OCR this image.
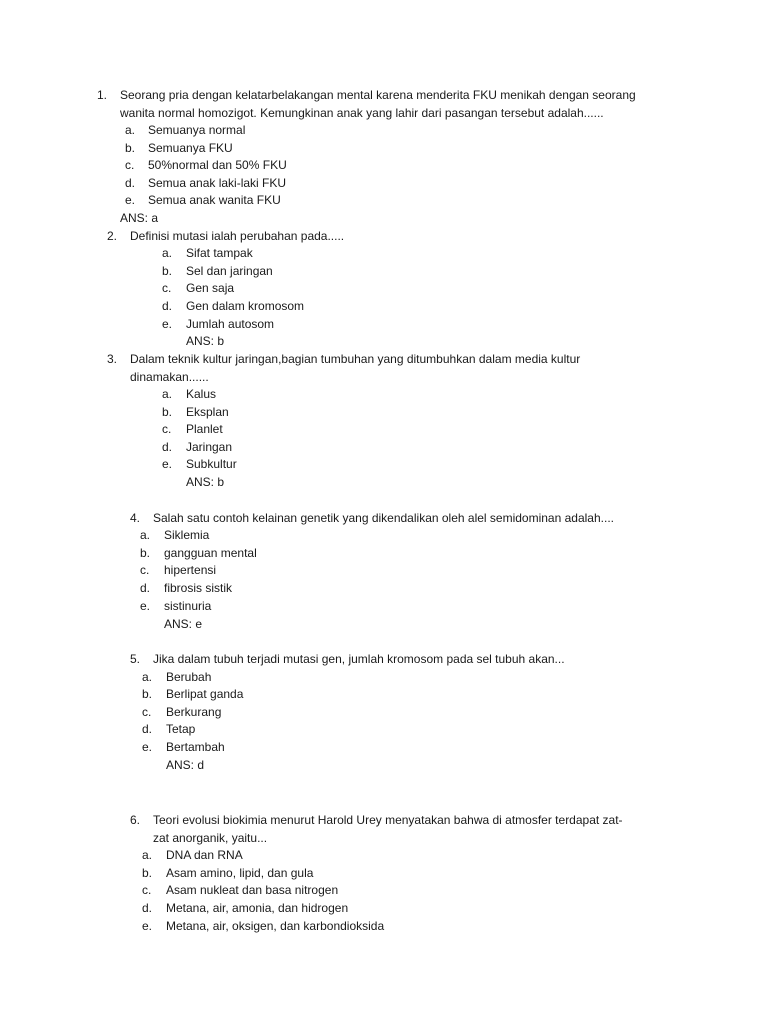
1. Seorang pria dengan kelatarbelakangan mental karena menderita FKU menikah dengan seorang
wanita normal homozigot. Kemungkinan anak yang lahir dari pasangan tersebut adalah......
a. Semuanya normal
b. Semuanya FKU
c. 50%normal dan 50% FKU
d. Semua anak laki-laki FKU
e. Semua anak wanita FKU
ANS: a
2. Definisi mutasi ialah perubahan pada.....
a. Sifat tampak
b. Sel dan jaringan
c. Gen saja
d. Gen dalam kromosom
e. Jumlah autosom
ANS: b
3. Dalam teknik kultur jaringan,bagian tumbuhan yang ditumbuhkan dalam media kultur
dinamakan......
a. Kalus
b. Eksplan
c. Planlet
d. Jaringan
e. Subkultur
ANS: b
4. Salah satu contoh kelainan genetik yang dikendalikan oleh alel semidominan adalah....
a. Siklemia
b. gangguan mental
c. hipertensi
d. fibrosis sistik
e. sistinuria
ANS: e
5. Jika dalam tubuh terjadi mutasi gen, jumlah kromosom pada sel tubuh akan...
a. Berubah
b. Berlipat ganda
c. Berkurang
d. Tetap
e. Bertambah
ANS: d
6. Teori evolusi biokimia menurut Harold Urey menyatakan bahwa di atmosfer terdapat zat-
zat anorganik, yaitu...
a. DNA dan RNA
b. Asam amino, lipid, dan gula
c. Asam nukleat dan basa nitrogen
d. Metana, air, amonia, dan hidrogen
e. Metana, air, oksigen, dan karbondioksida
